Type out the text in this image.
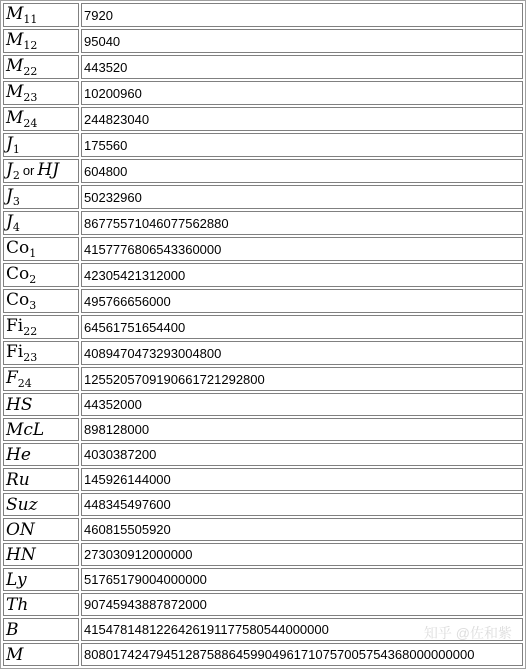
$M_{11}$	7920
$M_{12}$	95040
$M_{22}$	443520
$M_{23}$	10200960
$M_{24}$	244823040
$J_1$	175560
$J_2$ or HJ	604800
$J_3$	50232960
$J_4$	86775571046077562880
$Co_1$	4157776806543360000
$Co_2$	42305421312000
$Co_3$	495766656000
$Fi_{22}$	64561751654400
$Fi_{23}$	4089470473293004800
$F_{24}$	1255205709190661721292800
HS	44352000
McL	898128000
He	4030387200
Ru	145926144000
Suz	448345497600
ON	460815505920
HN	273030912000000
Ly	51765179004000000
Th	90745943887872000
B	4154781481226426191177580544000000
M	808017424794512875886459904961710757005754368000000000
知乎 @佐和紫
